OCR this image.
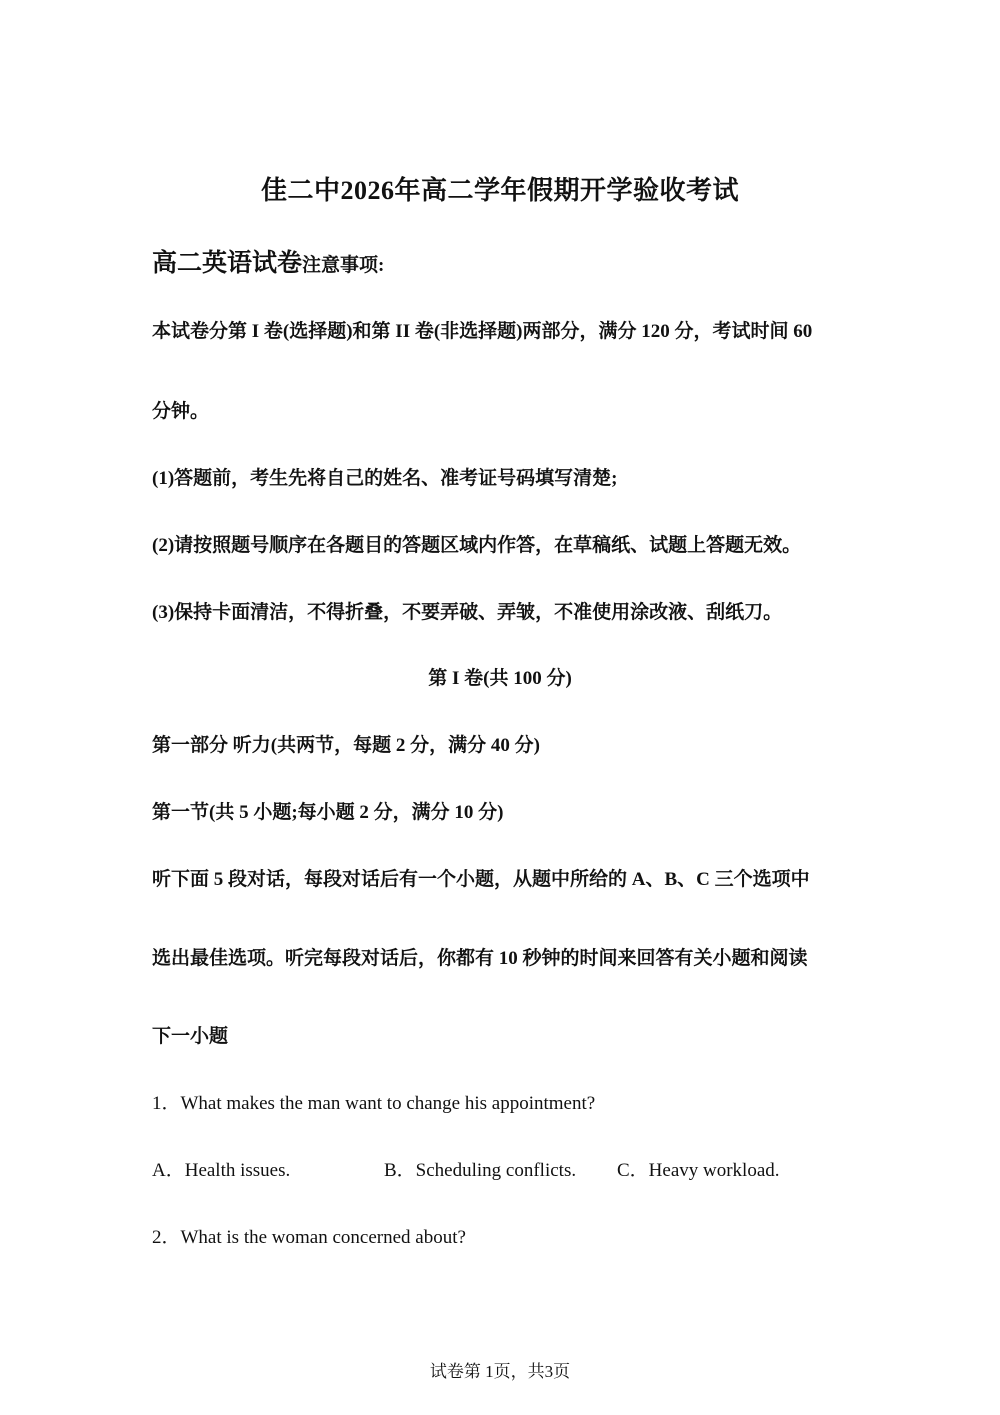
佳二中2026年高二学年假期开学验收考试
高二英语试卷注意事项:
本试卷分第 I 卷(选择题)和第 II 卷(非选择题)两部分，满分 120 分，考试时间 60
分钟。
(1)答题前，考生先将自己的姓名、准考证号码填写清楚;
(2)请按照题号顺序在各题目的答题区域内作答，在草稿纸、试题上答题无效。
(3)保持卡面清洁，不得折叠，不要弄破、弄皱，不准使用涂改液、刮纸刀。
第 I 卷(共 100 分)
第一部分 听力(共两节，每题 2 分，满分 40 分)
第一节(共 5 小题;每小题 2 分，满分 10 分)
听下面 5 段对话，每段对话后有一个小题，从题中所给的 A、B、C 三个选项中
选出最佳选项。听完每段对话后，你都有 10 秒钟的时间来回答有关小题和阅读
下一小题
1．What makes the man want to change his appointment?
A．Health issues.	B．Scheduling conflicts. C．Heavy workload.
2．What is the woman concerned about?
试卷第 1页，共3页
